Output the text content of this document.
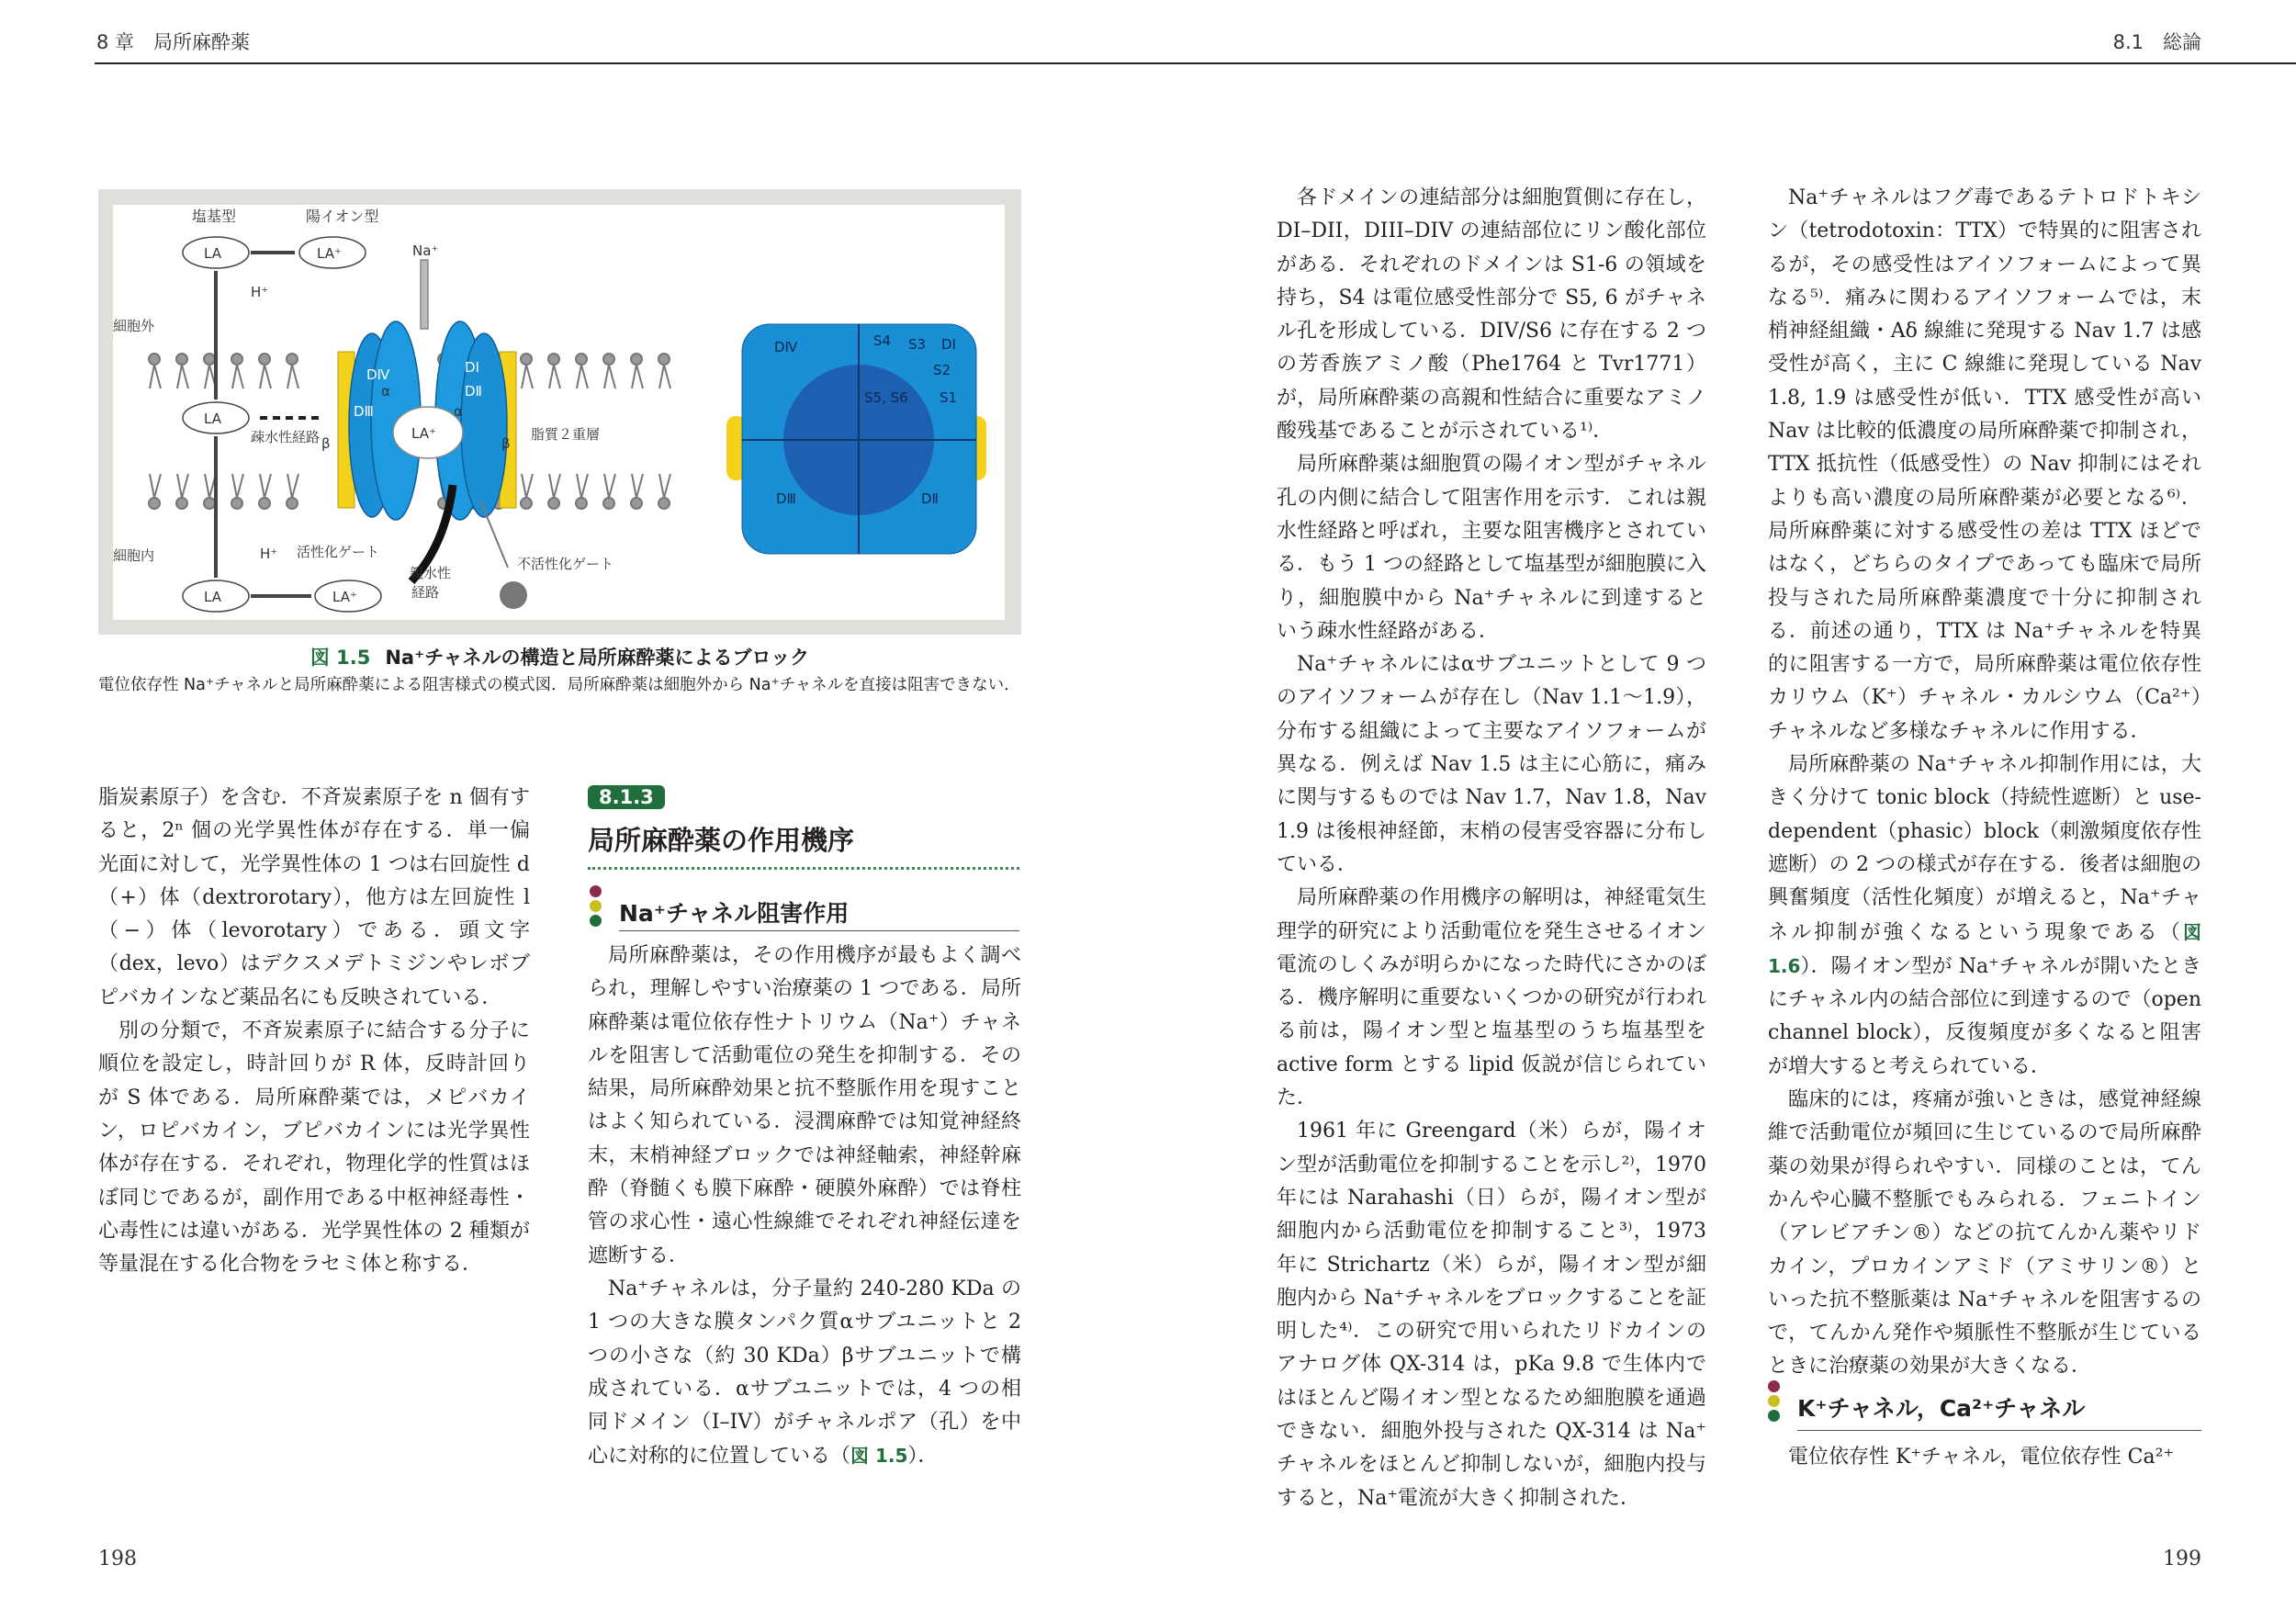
8 章　局所麻酔薬	8.1　総論
塩基型	陽イオン型
LA	LA⁺
H⁺
Na⁺
細胞外
LA
疎水性経路	LA⁺	脂質２重層
DⅣ
DⅢ
DⅠ
DⅡ
α
α
β	β
細胞内	H⁺ 活性化ゲート
親水性
経路
不活性化ゲート
LA	LA⁺
DⅣ	S4 S3 DⅠ
S2
S5, S6 S1
DⅢ	DⅡ
図 1.5 Na⁺チャネルの構造と局所麻酔薬によるブロック
電位依存性 Na⁺チャネルと局所麻酔薬による阻害様式の模式図．局所麻酔薬は細胞外から Na⁺チャネルを直接は阻害できない．

脂炭素原子）を含む．不斉炭素原子を n 個有すると，2ⁿ 個の光学異性体が存在する．単一偏光面に対して，光学異性体の 1 つは右回旋性 d（+）体（dextrorotary），他方は左回旋性 l（−）体（levorotary）である．頭文字（dex，levo）はデクスメデトミジンやレボブピバカインなど薬品名にも反映されている．

別の分類で，不斉炭素原子に結合する分子に順位を設定し，時計回りが R 体，反時計回りが S 体である．局所麻酔薬では，メピバカイン，ロピバカイン，ブピバカインには光学異性体が存在する．それぞれ，物理化学的性質はほぼ同じであるが，副作用である中枢神経毒性・心毒性には違いがある．光学異性体の 2 種類が等量混在する化合物をラセミ体と称する．

8.1.3
局所麻酔薬の作用機序
Na⁺チャネル阻害作用

局所麻酔薬は，その作用機序が最もよく調べられ，理解しやすい治療薬の 1 つである．局所麻酔薬は電位依存性ナトリウム（Na⁺）チャネルを阻害して活動電位の発生を抑制する．その結果，局所麻酔効果と抗不整脈作用を現すことはよく知られている．浸潤麻酔では知覚神経終末，末梢神経ブロックでは神経軸索，神経幹麻酔（脊髄くも膜下麻酔・硬膜外麻酔）では脊柱管の求心性・遠心性線維でそれぞれ神経伝達を遮断する．

Na⁺チャネルは，分子量約 240-280 KDa の 1 つの大きな膜タンパク質αサブユニットと 2 つの小さな（約 30 KDa）βサブユニットで構成されている．αサブユニットでは，4 つの相同ドメイン（I–IV）がチャネルポア（孔）を中心に対称的に位置している（図 1.5）．

各ドメインの連結部分は細胞質側に存在し，DI–DII，DIII–DIV の連結部位にリン酸化部位がある．それぞれのドメインは S1-6 の領域を持ち，S4 は電位感受性部分で S5, 6 がチャネル孔を形成している．DIV/S6 に存在する 2 つの芳香族アミノ酸（Phe1764 と Tvr1771）が，局所麻酔薬の高親和性結合に重要なアミノ酸残基であることが示されている¹⁾．

局所麻酔薬は細胞質の陽イオン型がチャネル孔の内側に結合して阻害作用を示す．これは親水性経路と呼ばれ，主要な阻害機序とされている．もう 1 つの経路として塩基型が細胞膜に入り，細胞膜中から Na⁺チャネルに到達するという疎水性経路がある．

Na⁺チャネルにはαサブユニットとして 9 つのアイソフォームが存在し（Nav 1.1〜1.9），分布する組織によって主要なアイソフォームが異なる．例えば Nav 1.5 は主に心筋に，痛みに関与するものでは Nav 1.7，Nav 1.8，Nav 1.9 は後根神経節，末梢の侵害受容器に分布している．

局所麻酔薬の作用機序の解明は，神経電気生理学的研究により活動電位を発生させるイオン電流のしくみが明らかになった時代にさかのぼる．機序解明に重要ないくつかの研究が行われる前は，陽イオン型と塩基型のうち塩基型を active form とする lipid 仮説が信じられていた．

1961 年に Greengard（米）らが，陽イオン型が活動電位を抑制することを示し²⁾，1970 年には Narahashi（日）らが，陽イオン型が細胞内から活動電位を抑制すること³⁾，1973 年に Strichartz（米）らが，陽イオン型が細胞内から Na⁺チャネルをブロックすることを証明した⁴⁾．この研究で用いられたリドカインのアナログ体 QX-314 は，pKa 9.8 で生体内ではほとんど陽イオン型となるため細胞膜を通過できない．細胞外投与された QX-314 は Na⁺チャネルをほとんど抑制しないが，細胞内投与すると，Na⁺電流が大きく抑制された．

Na⁺チャネルはフグ毒であるテトロドトキシン（tetrodotoxin：TTX）で特異的に阻害されるが，その感受性はアイソフォームによって異なる⁵⁾．痛みに関わるアイソフォームでは，末梢神経組織・Aδ 線維に発現する Nav 1.7 は感受性が高く，主に C 線維に発現している Nav 1.8, 1.9 は感受性が低い．TTX 感受性が高い Nav は比較的低濃度の局所麻酔薬で抑制され，TTX 抵抗性（低感受性）の Nav 抑制にはそれよりも高い濃度の局所麻酔薬が必要となる⁶⁾．局所麻酔薬に対する感受性の差は TTX ほどではなく，どちらのタイプであっても臨床で局所投与された局所麻酔薬濃度で十分に抑制される．前述の通り，TTX は Na⁺チャネルを特異的に阻害する一方で，局所麻酔薬は電位依存性カリウム（K⁺）チャネル・カルシウム（Ca²⁺）チャネルなど多様なチャネルに作用する．

局所麻酔薬の Na⁺チャネル抑制作用には，大きく分けて tonic block（持続性遮断）と use-dependent（phasic）block（刺激頻度依存性遮断）の 2 つの様式が存在する．後者は細胞の興奮頻度（活性化頻度）が増えると，Na⁺チャネル抑制が強くなるという現象である（図 1.6）．陽イオン型が Na⁺チャネルが開いたときにチャネル内の結合部位に到達するので（open channel block），反復頻度が多くなると阻害が増大すると考えられている．

臨床的には，疼痛が強いときは，感覚神経線維で活動電位が頻回に生じているので局所麻酔薬の効果が得られやすい．同様のことは，てんかんや心臓不整脈でもみられる．フェニトイン（アレビアチン®）などの抗てんかん薬やリドカイン，プロカインアミド（アミサリン®）といった抗不整脈薬は Na⁺チャネルを阻害するので，てんかん発作や頻脈性不整脈が生じているときに治療薬の効果が大きくなる．

K⁺チャネル，Ca²⁺チャネル

電位依存性 K⁺チャネル，電位依存性 Ca²⁺

198	199
